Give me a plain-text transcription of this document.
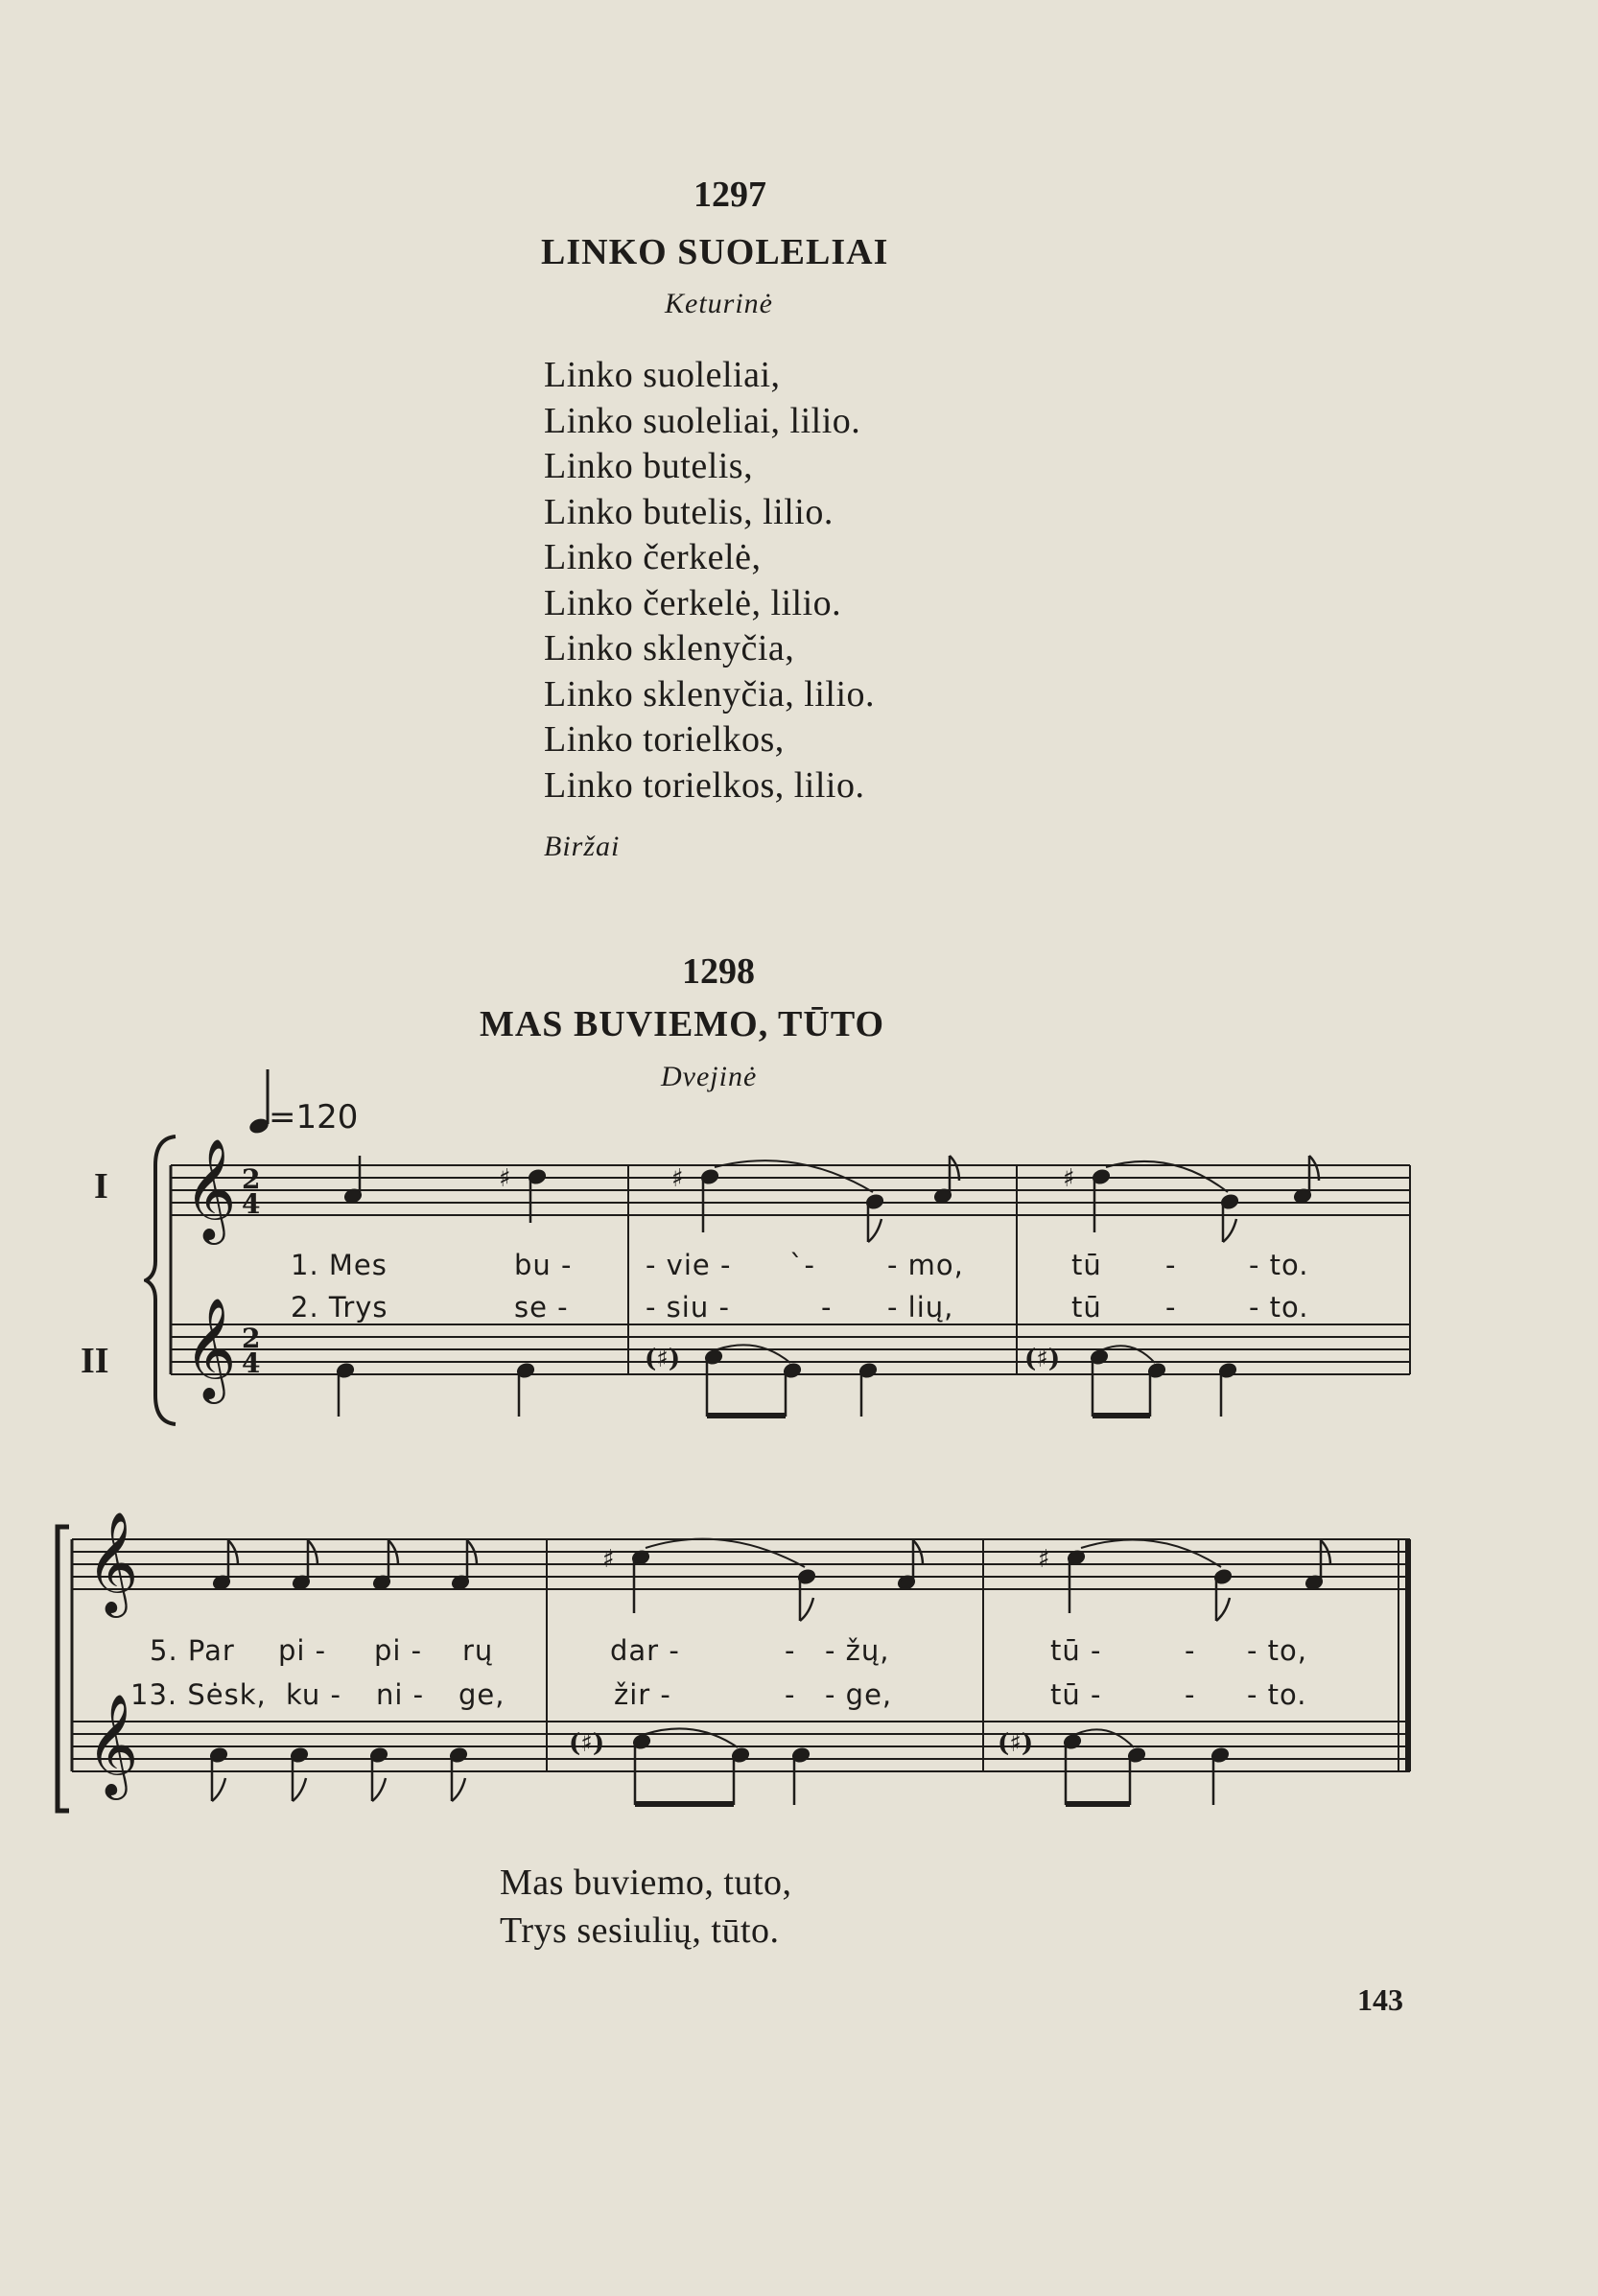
1297
LINKO SUOLELIAI
Keturinė
Linko suoleliai,
Linko suoleliai, lilio.
Linko butelis,
Linko butelis, lilio.
Linko čerkelė,
Linko čerkelė, lilio.
Linko sklenyčia,
Linko sklenyčia, lilio.
Linko torielkos,
Linko torielkos, lilio.
Biržai
1298
MAS BUVIEMO, TŪTO
Dvejinė
=120
I
II
𝄞
𝄞
2
4
2
4
♯	♯	♯
(♯)	(♯)
1. Mes	bu -	- vie - `-	- mo,	tū -	- to.
2. Trys	se -	- siu -	- - lių,	tū -	- to.
𝄞
𝄞
♯	♯
(♯)	(♯)
5. Par pi - pi - rų	dar -	- - žų,	tū -	- - to,
13. Sėsk, ku - ni - ge,	žir -	- - ge,	tū -	- - to.
Mas buviemo, tuto,
Trys sesiulių, tūto.
143
